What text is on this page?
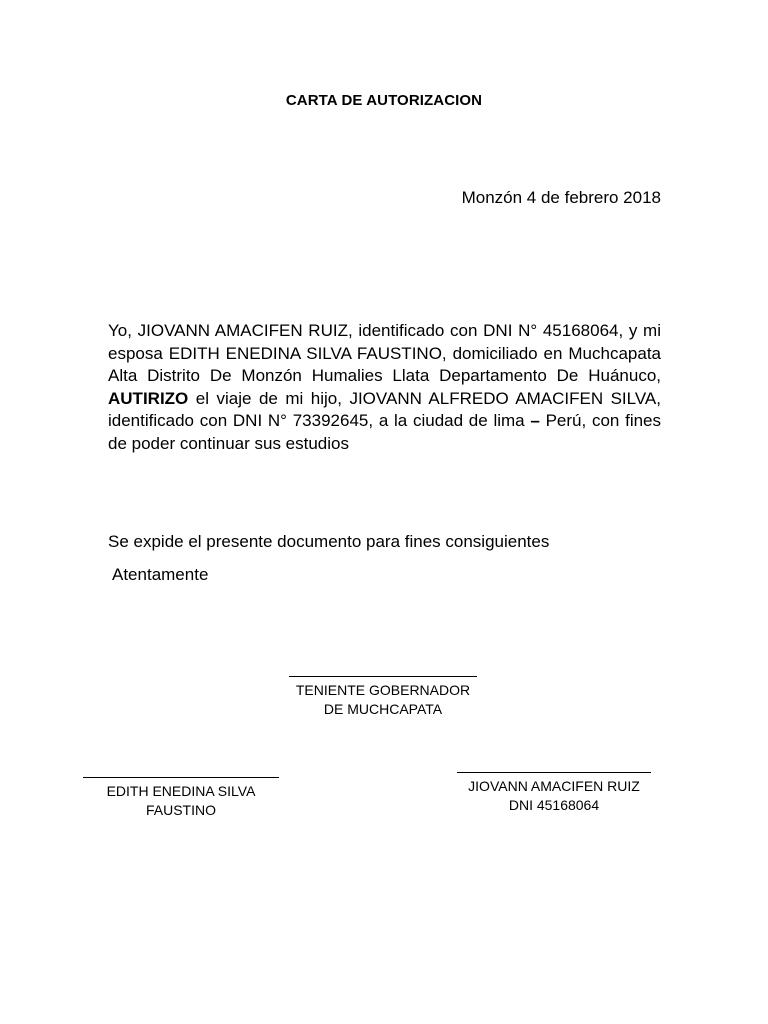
CARTA DE AUTORIZACION
Monzón 4 de febrero 2018
Yo, JIOVANN AMACIFEN RUIZ, identificado con DNI N° 45168064, y mi esposa EDITH ENEDINA SILVA FAUSTINO, domiciliado en Muchcapata Alta Distrito De Monzón Humalies Llata Departamento De Huánuco, AUTIRIZO el viaje de mi hijo, JIOVANN ALFREDO AMACIFEN SILVA, identificado con DNI N° 73392645, a la ciudad de lima – Perú, con fines de poder continuar sus estudios
Se expide el presente documento para fines consiguientes
Atentamente
TENIENTE GOBERNADOR
DE MUCHCAPATA
EDITH ENEDINA SILVA
FAUSTINO
JIOVANN AMACIFEN RUIZ
DNI 45168064
